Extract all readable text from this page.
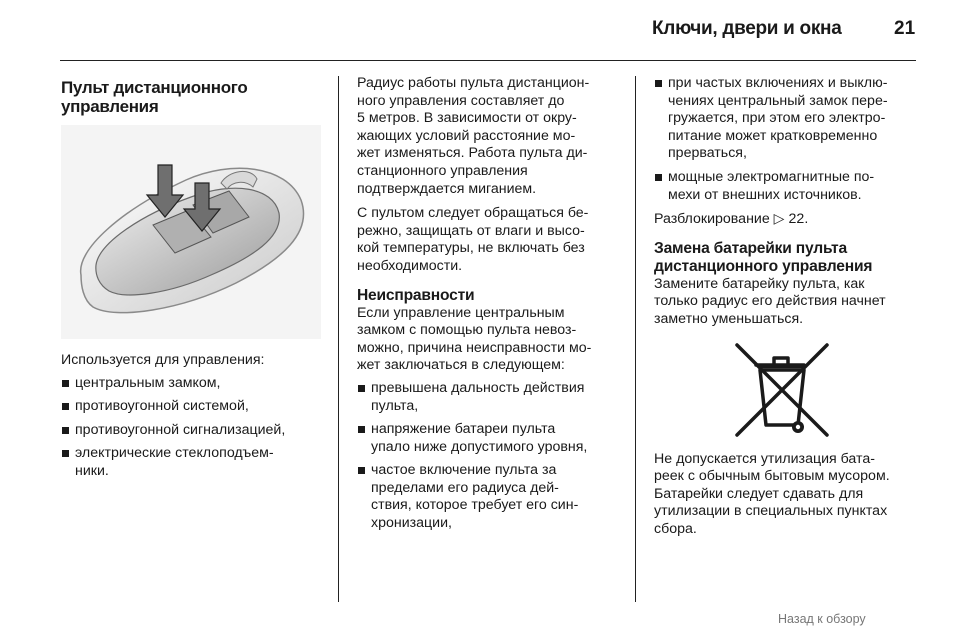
Ключи, двери и окна	21
Пульт дистанционного
управления

Используется для управления:

центральным замком,
противоугонной системой,
противоугонной сигнализацией,
электрические стеклоподъем-
ники.
Радиус работы пульта дистанцион-
ного управления составляет до
5 метров. В зависимости от окру-
жающих условий расстояние мо-
жет изменяться. Работа пульта ди-
станционного управления
подтверждается миганием.
С пультом следует обращаться бе-
режно, защищать от влаги и высо-
кой температуры, не включать без
необходимости.
Неисправности
Если управление центральным
замком с помощью пульта невоз-
можно, причина неисправности мо-
жет заключаться в следующем:
превышена дальность действия
пульта,
напряжение батареи пульта
упало ниже допустимого уровня,
частое включение пульта за
пределами его радиуса дей-
ствия, которое требует его син-
хронизации,
при частых включениях и выклю-
чениях центральный замок пере-
гружается, при этом его электро-
питание может кратковременно
прерваться,
мощные электромагнитные по-
мехи от внешних источников.

Разблокирование ▷ 22.

Замена батарейки пульта
дистанционного управления
Замените батарейку пульта, как
только радиус его действия начнет
заметно уменьшаться.
Не допускается утилизация бата-
реек с обычным бытовым мусором.
Батарейки следует сдавать для
утилизации в специальных пунктах
сбора.
Назад к обзору
